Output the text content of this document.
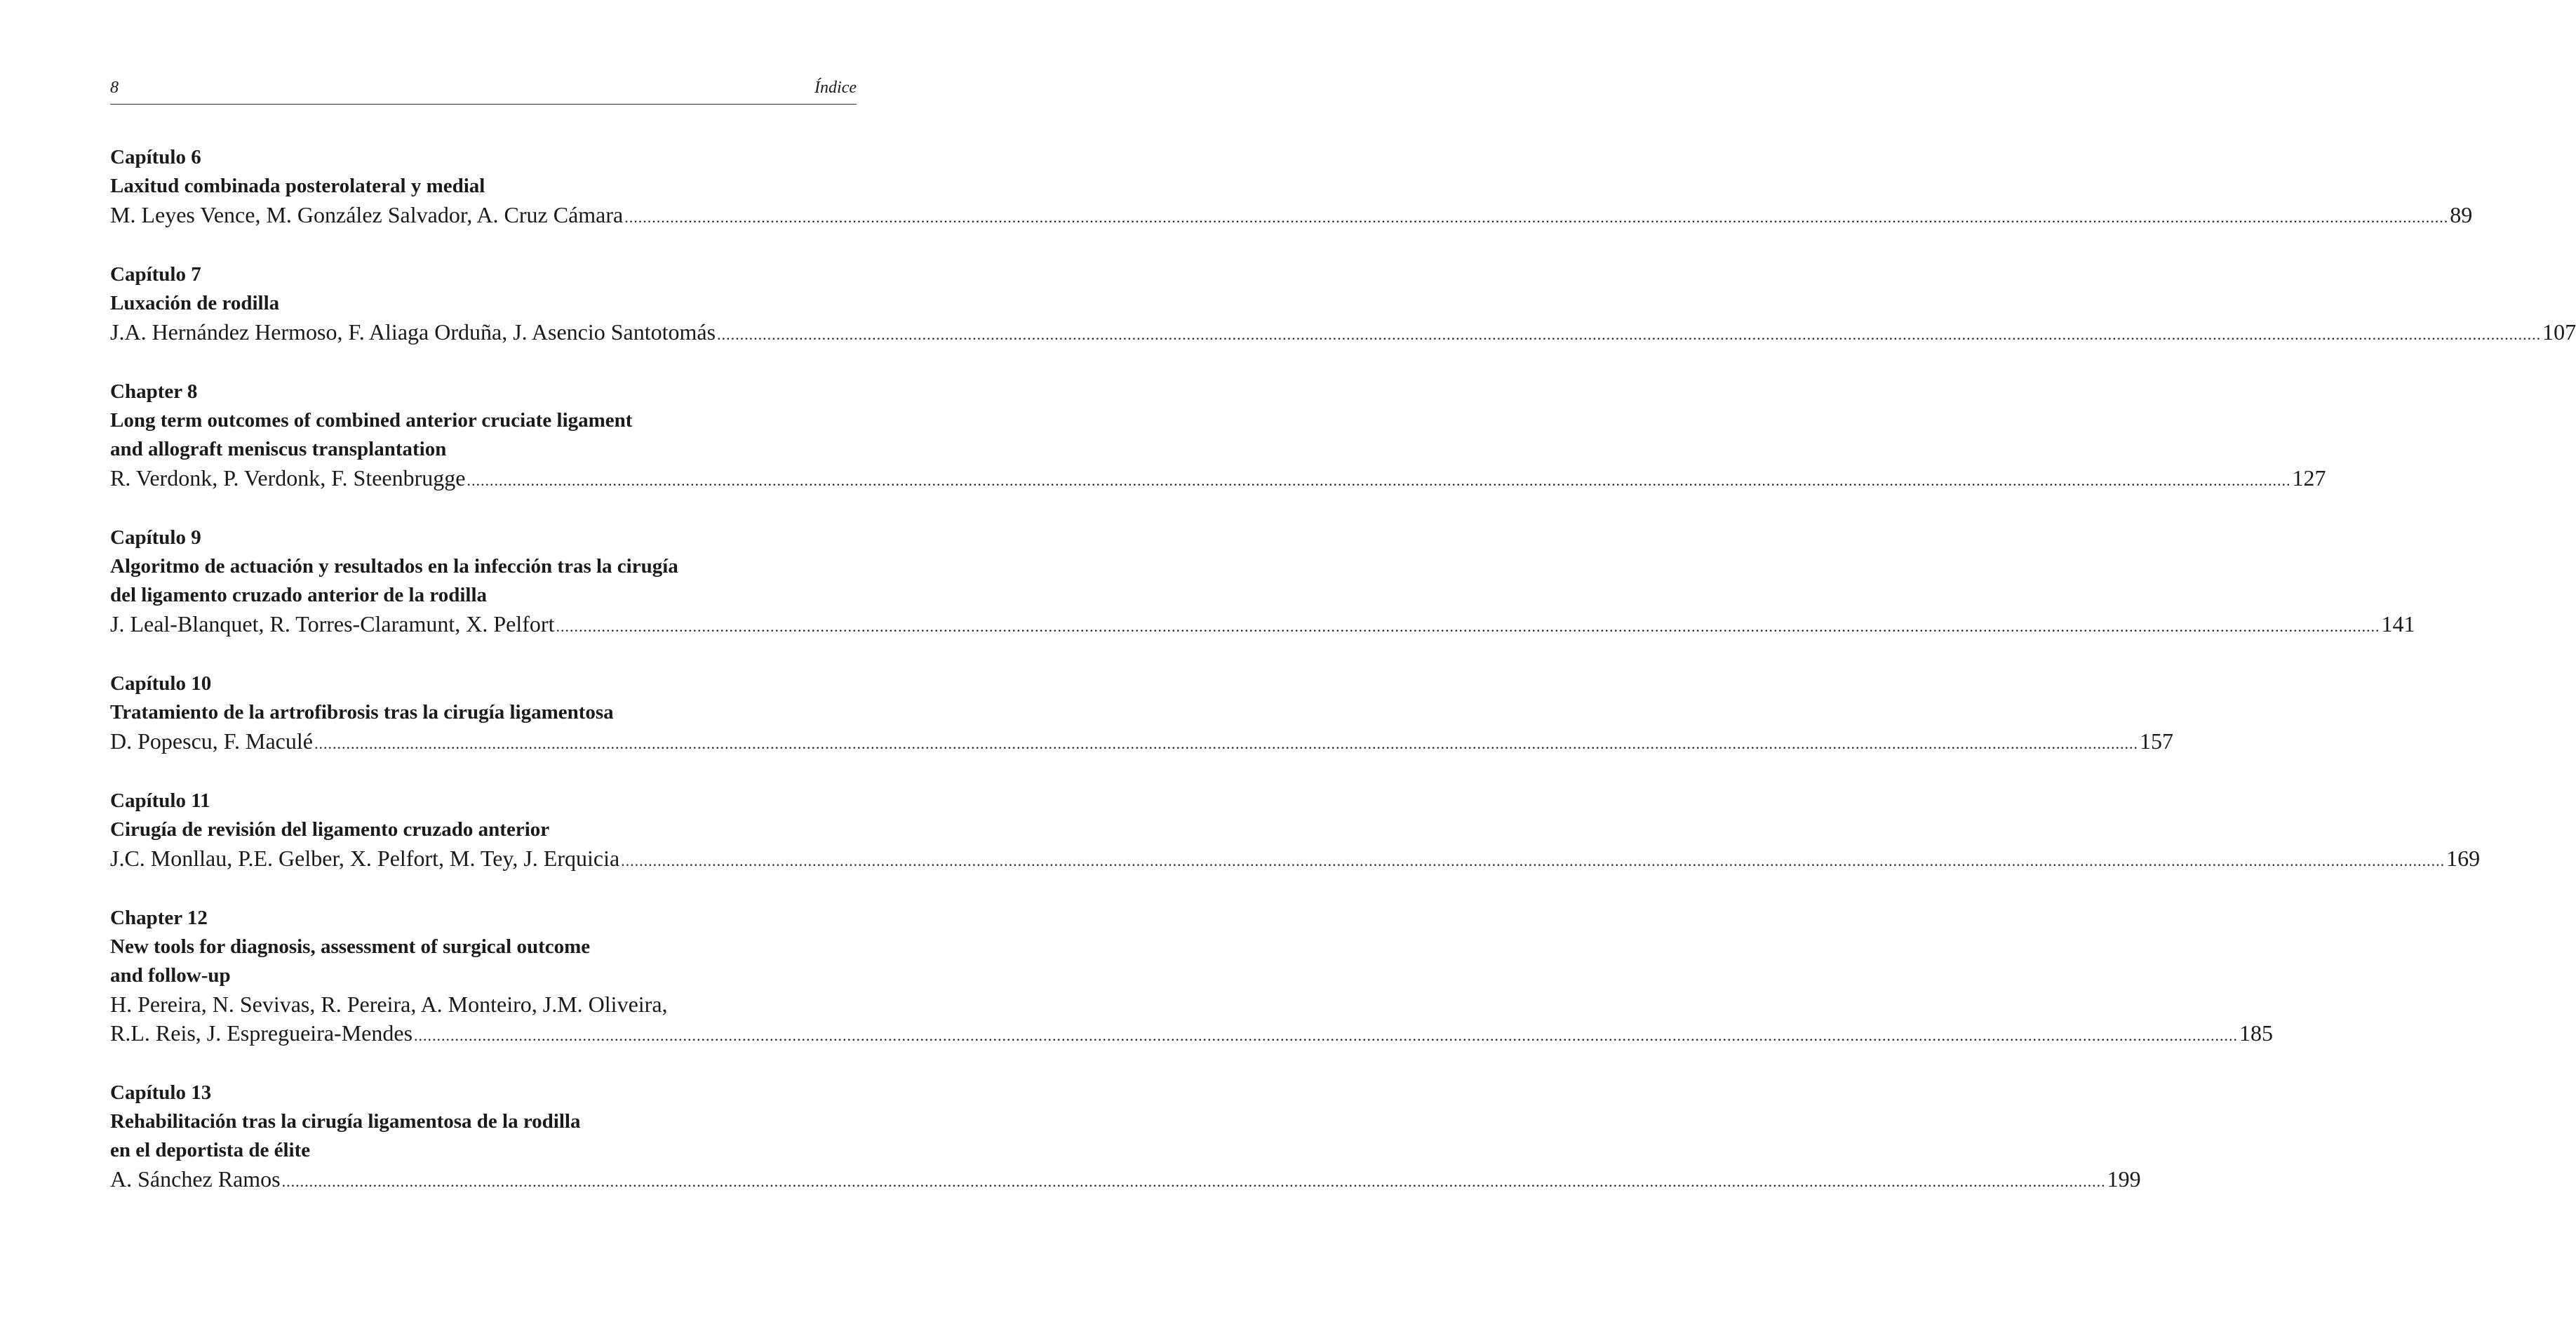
8	Índice
Capítulo 6
Laxitud combinada posterolateral y medial
M. Leyes Vence, M. González Salvador, A. Cruz Cámara ................................................................................................................................................................................................................................................................................................................................................................................................................ 89
Capítulo 7
Luxación de rodilla
J.A. Hernández Hermoso, F. Aliaga Orduña, J. Asencio Santotomás ................................................................................................................................................................................................................................................................................................................................................................................................................ 107
Chapter 8
Long term outcomes of combined anterior cruciate ligament
and allograft meniscus transplantation
R. Verdonk, P. Verdonk, F. Steenbrugge ................................................................................................................................................................................................................................................................................................................................................................................................................ 127
Capítulo 9
Algoritmo de actuación y resultados en la infección tras la cirugía
del ligamento cruzado anterior de la rodilla
J. Leal-Blanquet, R. Torres-Claramunt, X. Pelfort ................................................................................................................................................................................................................................................................................................................................................................................................................ 141
Capítulo 10
Tratamiento de la artrofibrosis tras la cirugía ligamentosa
D. Popescu, F. Maculé ................................................................................................................................................................................................................................................................................................................................................................................................................ 157
Capítulo 11
Cirugía de revisión del ligamento cruzado anterior
J.C. Monllau, P.E. Gelber, X. Pelfort, M. Tey, J. Erquicia ................................................................................................................................................................................................................................................................................................................................................................................................................ 169
Chapter 12
New tools for diagnosis, assessment of surgical outcome
and follow-up
H. Pereira, N. Sevivas, R. Pereira, A. Monteiro, J.M. Oliveira,
R.L. Reis, J. Espregueira-Mendes ................................................................................................................................................................................................................................................................................................................................................................................................................ 185
Capítulo 13
Rehabilitación tras la cirugía ligamentosa de la rodilla
en el deportista de élite
A. Sánchez Ramos ................................................................................................................................................................................................................................................................................................................................................................................................................ 199
